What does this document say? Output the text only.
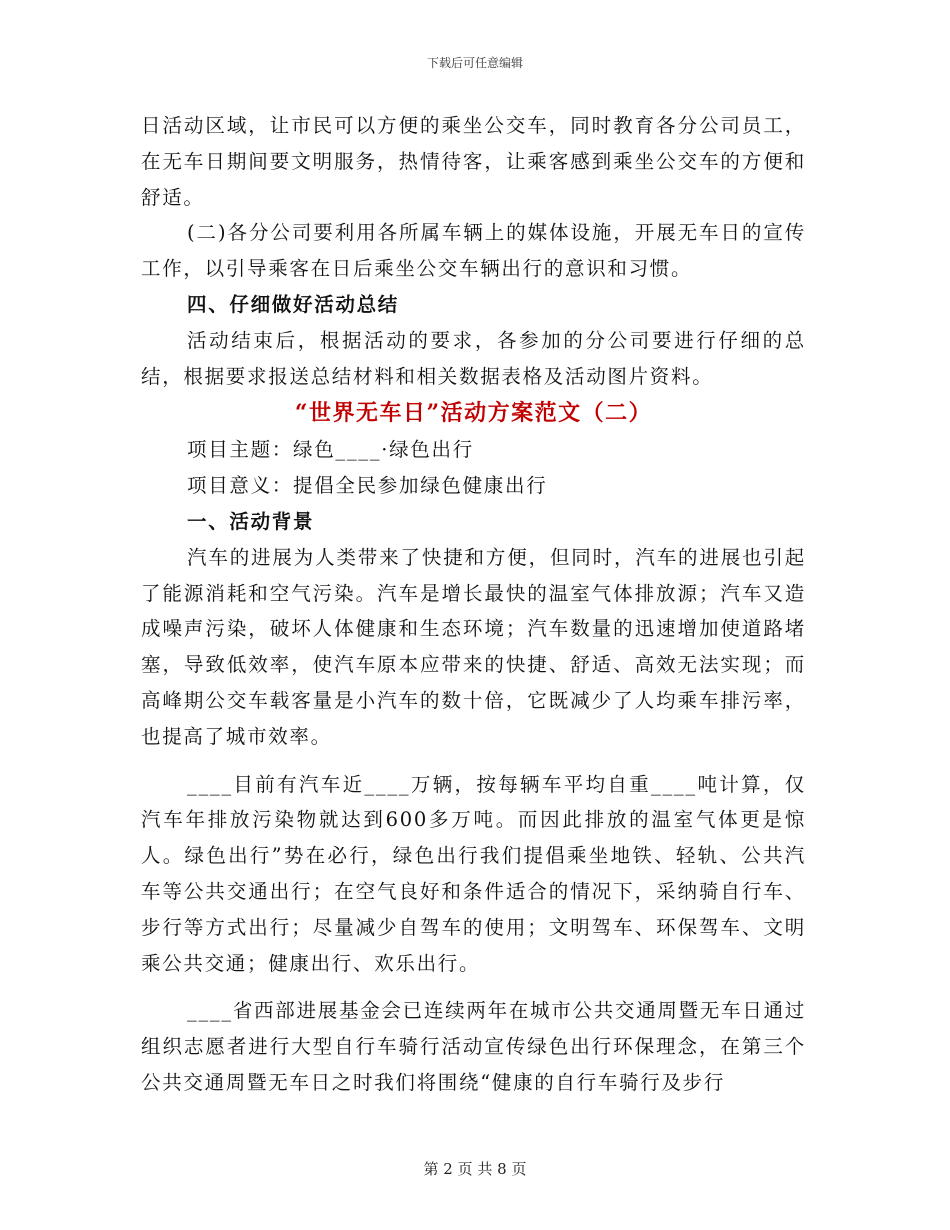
下载后可任意编辑

日活动区域，让市民可以方便的乘坐公交车，同时教育各分公司员工，在无车日期间要文明服务，热情待客，让乘客感到乘坐公交车的方便和舒适。

(二)各分公司要利用各所属车辆上的媒体设施，开展无车日的宣传工作，以引导乘客在日后乘坐公交车辆出行的意识和习惯。

四、仔细做好活动总结

活动结束后，根据活动的要求，各参加的分公司要进行仔细的总结，根据要求报送总结材料和相关数据表格及活动图片资料。

“世界无车日”活动方案范文（二）

项目主题：绿色____·绿色出行

项目意义：提倡全民参加绿色健康出行

一、活动背景

汽车的进展为人类带来了快捷和方便，但同时，汽车的进展也引起了能源消耗和空气污染。汽车是增长最快的温室气体排放源；汽车又造成噪声污染，破坏人体健康和生态环境；汽车数量的迅速增加使道路堵塞，导致低效率，使汽车原本应带来的快捷、舒适、高效无法实现；而高峰期公交车载客量是小汽车的数十倍，它既减少了人均乘车排污率，也提高了城市效率。

____目前有汽车近____万辆，按每辆车平均自重____吨计算，仅汽车年排放污染物就达到600多万吨。而因此排放的温室气体更是惊人。绿色出行”势在必行，绿色出行我们提倡乘坐地铁、轻轨、公共汽车等公共交通出行；在空气良好和条件适合的情况下，采纳骑自行车、步行等方式出行；尽量减少自驾车的使用；文明驾车、环保驾车、文明乘公共交通；健康出行、欢乐出行。

____省西部进展基金会已连续两年在城市公共交通周暨无车日通过组织志愿者进行大型自行车骑行活动宣传绿色出行环保理念，在第三个公共交通周暨无车日之时我们将围绕“健康的自行车骑行及步行

第 2 页 共 8 页
